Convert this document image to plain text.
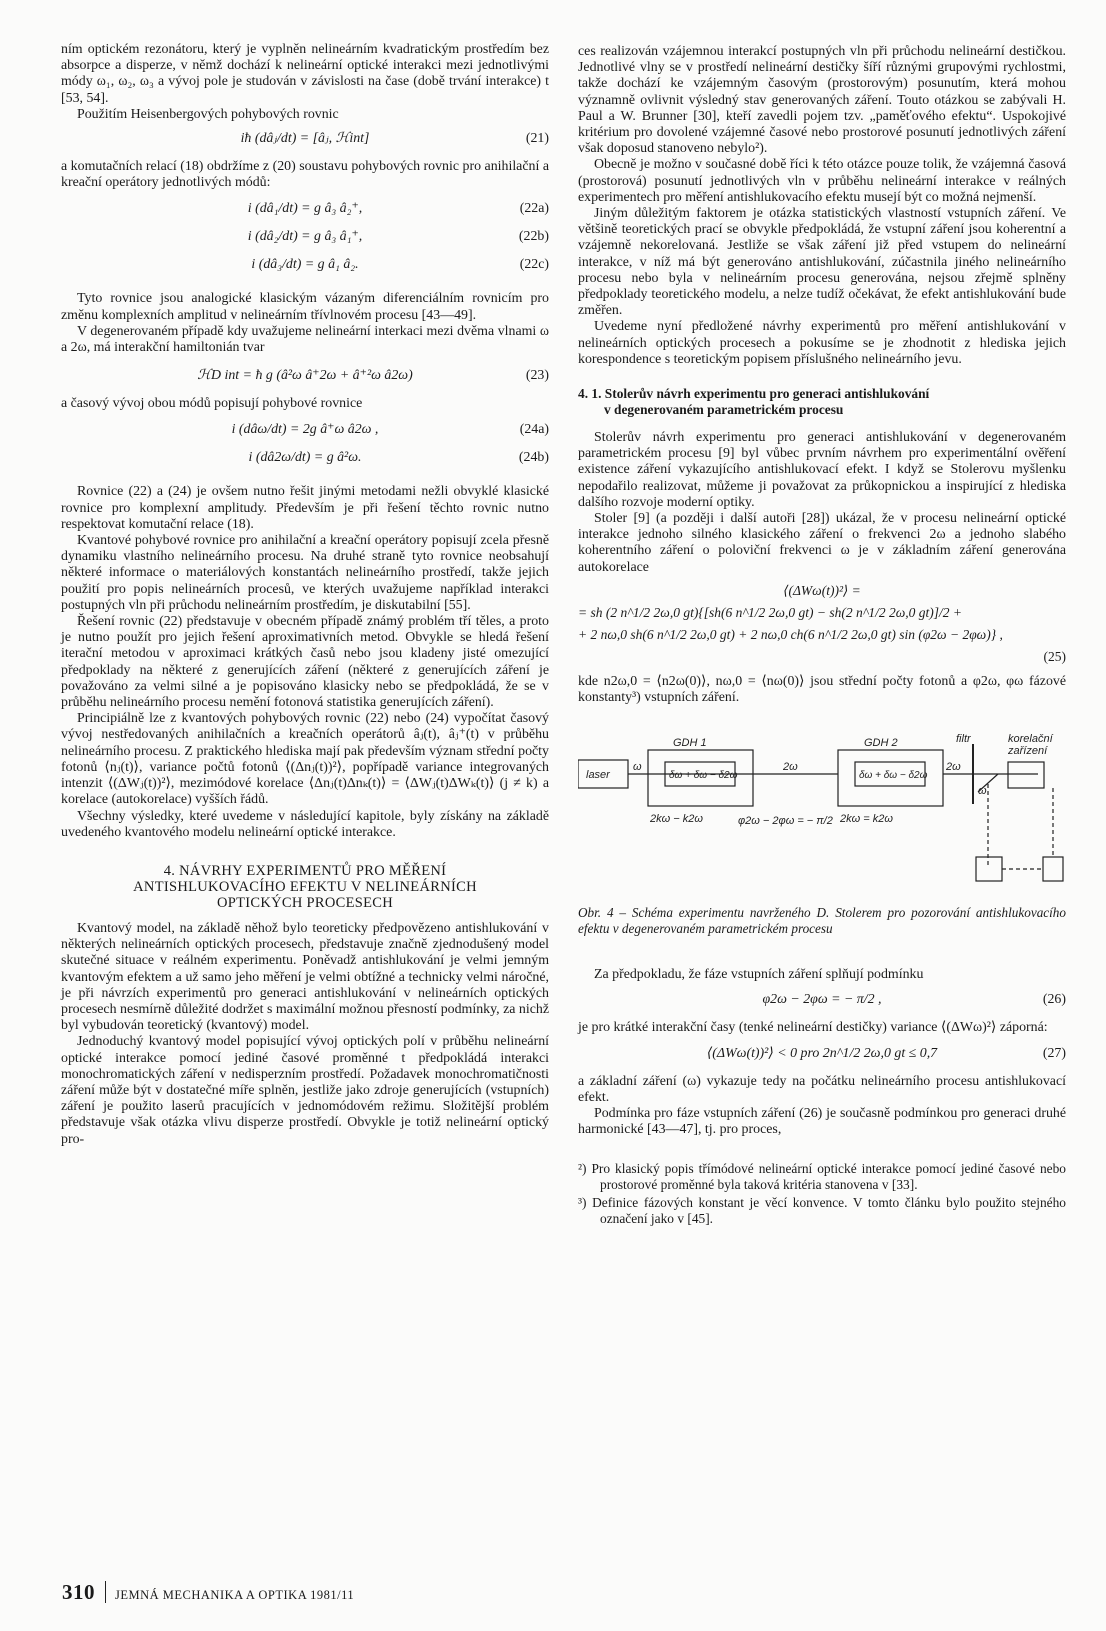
ním optickém rezonátoru, který je vyplněn nelineárním kvadratickým prostředím bez absorpce a disperze, v němž dochází k nelineární optické interakci mezi jednotlivými módy ω₁, ω₂, ω₃ a vývoj pole je studován v závislosti na čase (době trvání interakce) t [53, 54].

Použitím Heisenbergových pohybových rovnic

iħ (dâⱼ/dt) = [âⱼ, ℋint]	(21)

a komutačních relací (18) obdržíme z (20) soustavu pohybových rovnic pro anihilační a kreační operátory jednotlivých módů:

i (dâ₁/dt) = g â₃ â₂⁺,	(22a)
i (dâ₂/dt) = g â₃ â₁⁺,	(22b)
i (dâ₃/dt) = g â₁ â₂.	(22c)

Tyto rovnice jsou analogické klasickým vázaným diferenciálním rovnicím pro změnu komplexních amplitud v nelineárním třívlnovém procesu [43—49].

V degenerovaném případě kdy uvažujeme nelineární interkaci mezi dvěma vlnami ω a 2ω, má interakční hamiltonián tvar

ℋD int = ħ g (â²ω â⁺2ω + â⁺²ω â2ω)	(23)

a časový vývoj obou módů popisují pohybové rovnice

i (dâω/dt) = 2g â⁺ω â2ω ,	(24a)
i (dâ2ω/dt) = g â²ω.	(24b)

Rovnice (22) a (24) je ovšem nutno řešit jinými metodami nežli obvyklé klasické rovnice pro komplexní amplitudy. Především je při řešení těchto rovnic nutno respektovat komutační relace (18).

Kvantové pohybové rovnice pro anihilační a kreační operátory popisují zcela přesně dynamiku vlastního nelineárního procesu. Na druhé straně tyto rovnice neobsahují některé informace o materiálových konstantách nelineárního prostředí, takže jejich použití pro popis nelineárních procesů, ve kterých uvažujeme například interakci postupných vln při průchodu nelineárním prostředím, je diskutabilní [55].

Řešení rovnic (22) představuje v obecném případě známý problém tří těles, a proto je nutno použít pro jejich řešení aproximativních metod. Obvykle se hledá řešení iterační metodou v aproximaci krátkých časů nebo jsou kladeny jisté omezující předpoklady na některé z generujících záření (některé z generujících záření je považováno za velmi silné a je popisováno klasicky nebo se předpokládá, že se v průběhu nelineárního procesu nemění fotonová statistika generujících záření).

Principiálně lze z kvantových pohybových rovnic (22) nebo (24) vypočítat časový vývoj nestředovaných anihilačních a kreačních operátorů âⱼ(t), âⱼ⁺(t) v průběhu nelineárního procesu. Z praktického hlediska mají pak především význam střední počty fotonů ⟨nⱼ(t)⟩, variance počtů fotonů ⟨(Δnⱼ(t))²⟩, popřípadě variance integrovaných intenzit ⟨(ΔWⱼ(t))²⟩, mezimódové korelace ⟨Δnⱼ(t)Δnₖ(t)⟩ = ⟨ΔWⱼ(t)ΔWₖ(t)⟩ (j ≠ k) a korelace (autokorelace) vyšších řádů.

Všechny výsledky, které uvedeme v následující kapitole, byly získány na základě uvedeného kvantového modelu nelineární optické interakce.

4. NÁVRHY EXPERIMENTŮ PRO MĚŘENÍ
ANTISHLUKOVACÍHO EFEKTU V NELINEÁRNÍCH
OPTICKÝCH PROCESECH

Kvantový model, na základě něhož bylo teoreticky předpovězeno antishlukování v některých nelineárních optických procesech, představuje značně zjednodušený model skutečné situace v reálném experimentu. Poněvadž antishlukování je velmi jemným kvantovým efektem a už samo jeho měření je velmi obtížné a technicky velmi náročné, je při návrzích experimentů pro generaci antishlukování v nelineárních optických procesech nesmírně důležité dodržet s maximální možnou přesností podmínky, za nichž byl vybudován teoretický (kvantový) model.

Jednoduchý kvantový model popisující vývoj optických polí v průběhu nelineární optické interakce pomocí jediné časové proměnné t předpokládá interakci monochromatických záření v nedisperzním prostředí. Požadavek monochromatičnosti záření může být v dostatečné míře splněn, jestliže jako zdroje generujících (vstupních) záření je použito laserů pracujících v jednomódovém režimu. Složitější problém představuje však otázka vlivu disperze prostředí. Obvykle je totiž nelineární optický pro-

ces realizován vzájemnou interakcí postupných vln při průchodu nelineární destičkou. Jednotlivé vlny se v prostředí nelineární destičky šíří různými grupovými rychlostmi, takže dochází ke vzájemným časovým (prostorovým) posunutím, která mohou významně ovlivnit výsledný stav generovaných záření. Touto otázkou se zabývali H. Paul a W. Brunner [30], kteří zavedli pojem tzv. „paměťového efektu“. Uspokojivé kritérium pro dovolené vzájemné časové nebo prostorové posunutí jednotlivých záření však doposud stanoveno nebylo²).

Obecně je možno v současné době říci k této otázce pouze tolik, že vzájemná časová (prostorová) posunutí jednotlivých vln v průběhu nelineární interakce v reálných experimentech pro měření antishlukovacího efektu musejí být co možná nejmenší.

Jiným důležitým faktorem je otázka statistických vlastností vstupních záření. Ve většině teoretických prací se obvykle předpokládá, že vstupní záření jsou koherentní a vzájemně nekorelovaná. Jestliže se však záření již před vstupem do nelineární interakce, v níž má být generováno antishlukování, zúčastnila jiného nelineárního procesu nebo byla v nelineárním procesu generována, nejsou zřejmě splněny předpoklady teoretického modelu, a nelze tudíž očekávat, že efekt antishlukování bude změřen.

Uvedeme nyní předložené návrhy experimentů pro měření antishlukování v nelineárních optických procesech a pokusíme se je zhodnotit z hlediska jejich korespondence s teoretickým popisem příslušného nelineárního jevu.

4. 1. Stolerův návrh experimentu pro generaci antishlukování
v degenerovaném parametrickém procesu

Stolerův návrh experimentu pro generaci antishlukování v degenerovaném parametrickém procesu [9] byl vůbec prvním návrhem pro experimentální ověření existence záření vykazujícího antishlukovací efekt. I když se Stolerovu myšlenku nepodařilo realizovat, můžeme ji považovat za průkopnickou a inspirující z hlediska dalšího rozvoje moderní optiky.

Stoler [9] (a později i další autoři [28]) ukázal, že v procesu nelineární optické interakce jednoho silného klasického záření o frekvenci 2ω a jednoho slabého koherentního záření o poloviční frekvenci ω je v základním záření generována autokorelace

⟨(ΔWω(t))²⟩ =
= sh (2 n^1/2 2ω,0 gt){[sh(6 n^1/2 2ω,0 gt) − sh(2 n^1/2 2ω,0 gt)]/2 +
+ 2 nω,0 sh(6 n^1/2 2ω,0 gt) + 2 nω,0 ch(6 n^1/2 2ω,0 gt) sin (φ2ω − 2φω)} ,
(25)

kde n2ω,0 = ⟨n2ω(0)⟩, nω,0 = ⟨nω(0)⟩ jsou střední počty fotonů a φ2ω, φω fázové konstanty³) vstupních záření.

laser
GDH 1	GDH 2	filtr	korelační
zařízení
δω + δω − δ2ω	δω + δω − δ2ω
ω	2ω	2ω
ω
2kω − k2ω	φ2ω − 2φω = − π/2 2kω = k2ω
Obr. 4 – Schéma experimentu navrženého D. Stolerem pro pozorování antishlukovacího efektu v degenerovaném parametrickém procesu

Za předpokladu, že fáze vstupních záření splňují podmínku

φ2ω − 2φω = − π/2 ,	(26)

je pro krátké interakční časy (tenké nelineární destičky) variance ⟨(ΔWω)²⟩ záporná:

⟨(ΔWω(t))²⟩ < 0 pro 2n^1/2 2ω,0 gt ≤ 0,7	(27)

a základní záření (ω) vykazuje tedy na počátku nelineárního procesu antishlukovací efekt.

Podmínka pro fáze vstupních záření (26) je současně podmínkou pro generaci druhé harmonické [43—47], tj. pro proces,

²) Pro klasický popis třímódové nelineární optické interakce pomocí jediné časové nebo prostorové proměnné byla taková kritéria stanovena v [33].

³) Definice fázových konstant je věcí konvence. V tomto článku bylo použito stejného označení jako v [45].

310 JEMNÁ MECHANIKA A OPTIKA 1981/11
